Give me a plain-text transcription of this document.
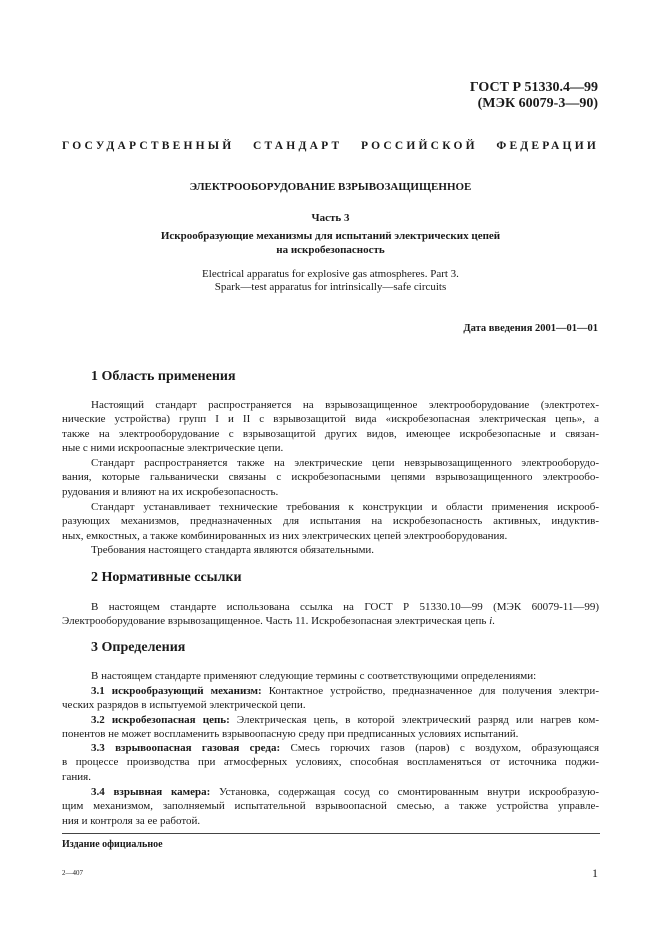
ГОСТ Р 51330.4—99
(МЭК 60079-3—90)
ГОСУДАРСТВЕННЫЙ СТАНДАРТ РОССИЙСКОЙ ФЕДЕРАЦИИ
ЭЛЕКТРООБОРУДОВАНИЕ ВЗРЫВОЗАЩИЩЕННОЕ
Часть 3
Искрообразующие механизмы для испытаний электрических цепей
на искробезопасность
Electrical apparatus for explosive gas atmospheres. Part 3.
Spark—test apparatus for intrinsically—safe circuits
Дата введения 2001—01—01
1 Область применения
Настоящий стандарт распространяется на взрывозащищенное электрооборудование (электротех-
нические устройства) групп I и II с взрывозащитой вида «искробезопасная электрическая цепь», а
также на электрооборудование с взрывозащитой других видов, имеющее искробезопасные и связан-
ные с ними искроопасные электрические цепи.
Стандарт распространяется также на электрические цепи невзрывозащищенного электрооборудо-
вания, которые гальванически связаны с искробезопасными цепями взрывозащищенного электрообо-
рудования и влияют на их искробезопасность.
Стандарт устанавливает технические требования к конструкции и области применения искрооб-
разующих механизмов, предназначенных для испытания на искробезопасность активных, индуктив-
ных, емкостных, а также комбинированных из них электрических цепей электрооборудования.
Требования настоящего стандарта являются обязательными.
2 Нормативные ссылки
В настоящем стандарте использована ссылка на ГОСТ Р 51330.10—99 (МЭК 60079-11—99)
Электрооборудование взрывозащищенное. Часть 11. Искробезопасная электрическая цепь i.
3 Определения
В настоящем стандарте применяют следующие термины с соответствующими определениями:
3.1 искрообразующий механизм: Контактное устройство, предназначенное для получения электри-
ческих разрядов в испытуемой электрической цепи.
3.2 искробезопасная цепь: Электрическая цепь, в которой электрический разряд или нагрев ком-
понентов не может воспламенить взрывоопасную среду при предписанных условиях испытаний.
3.3 взрывоопасная газовая среда: Смесь горючих газов (паров) с воздухом, образующаяся
в процессе производства при атмосферных условиях, способная воспламеняться от источника поджи-
гания.
3.4 взрывная камера: Установка, содержащая сосуд со смонтированным внутри искрообразую-
щим механизмом, заполняемый испытательной взрывоопасной смесью, а также устройства управле-
ния и контроля за ее работой.
Издание официальное
2—407	1
